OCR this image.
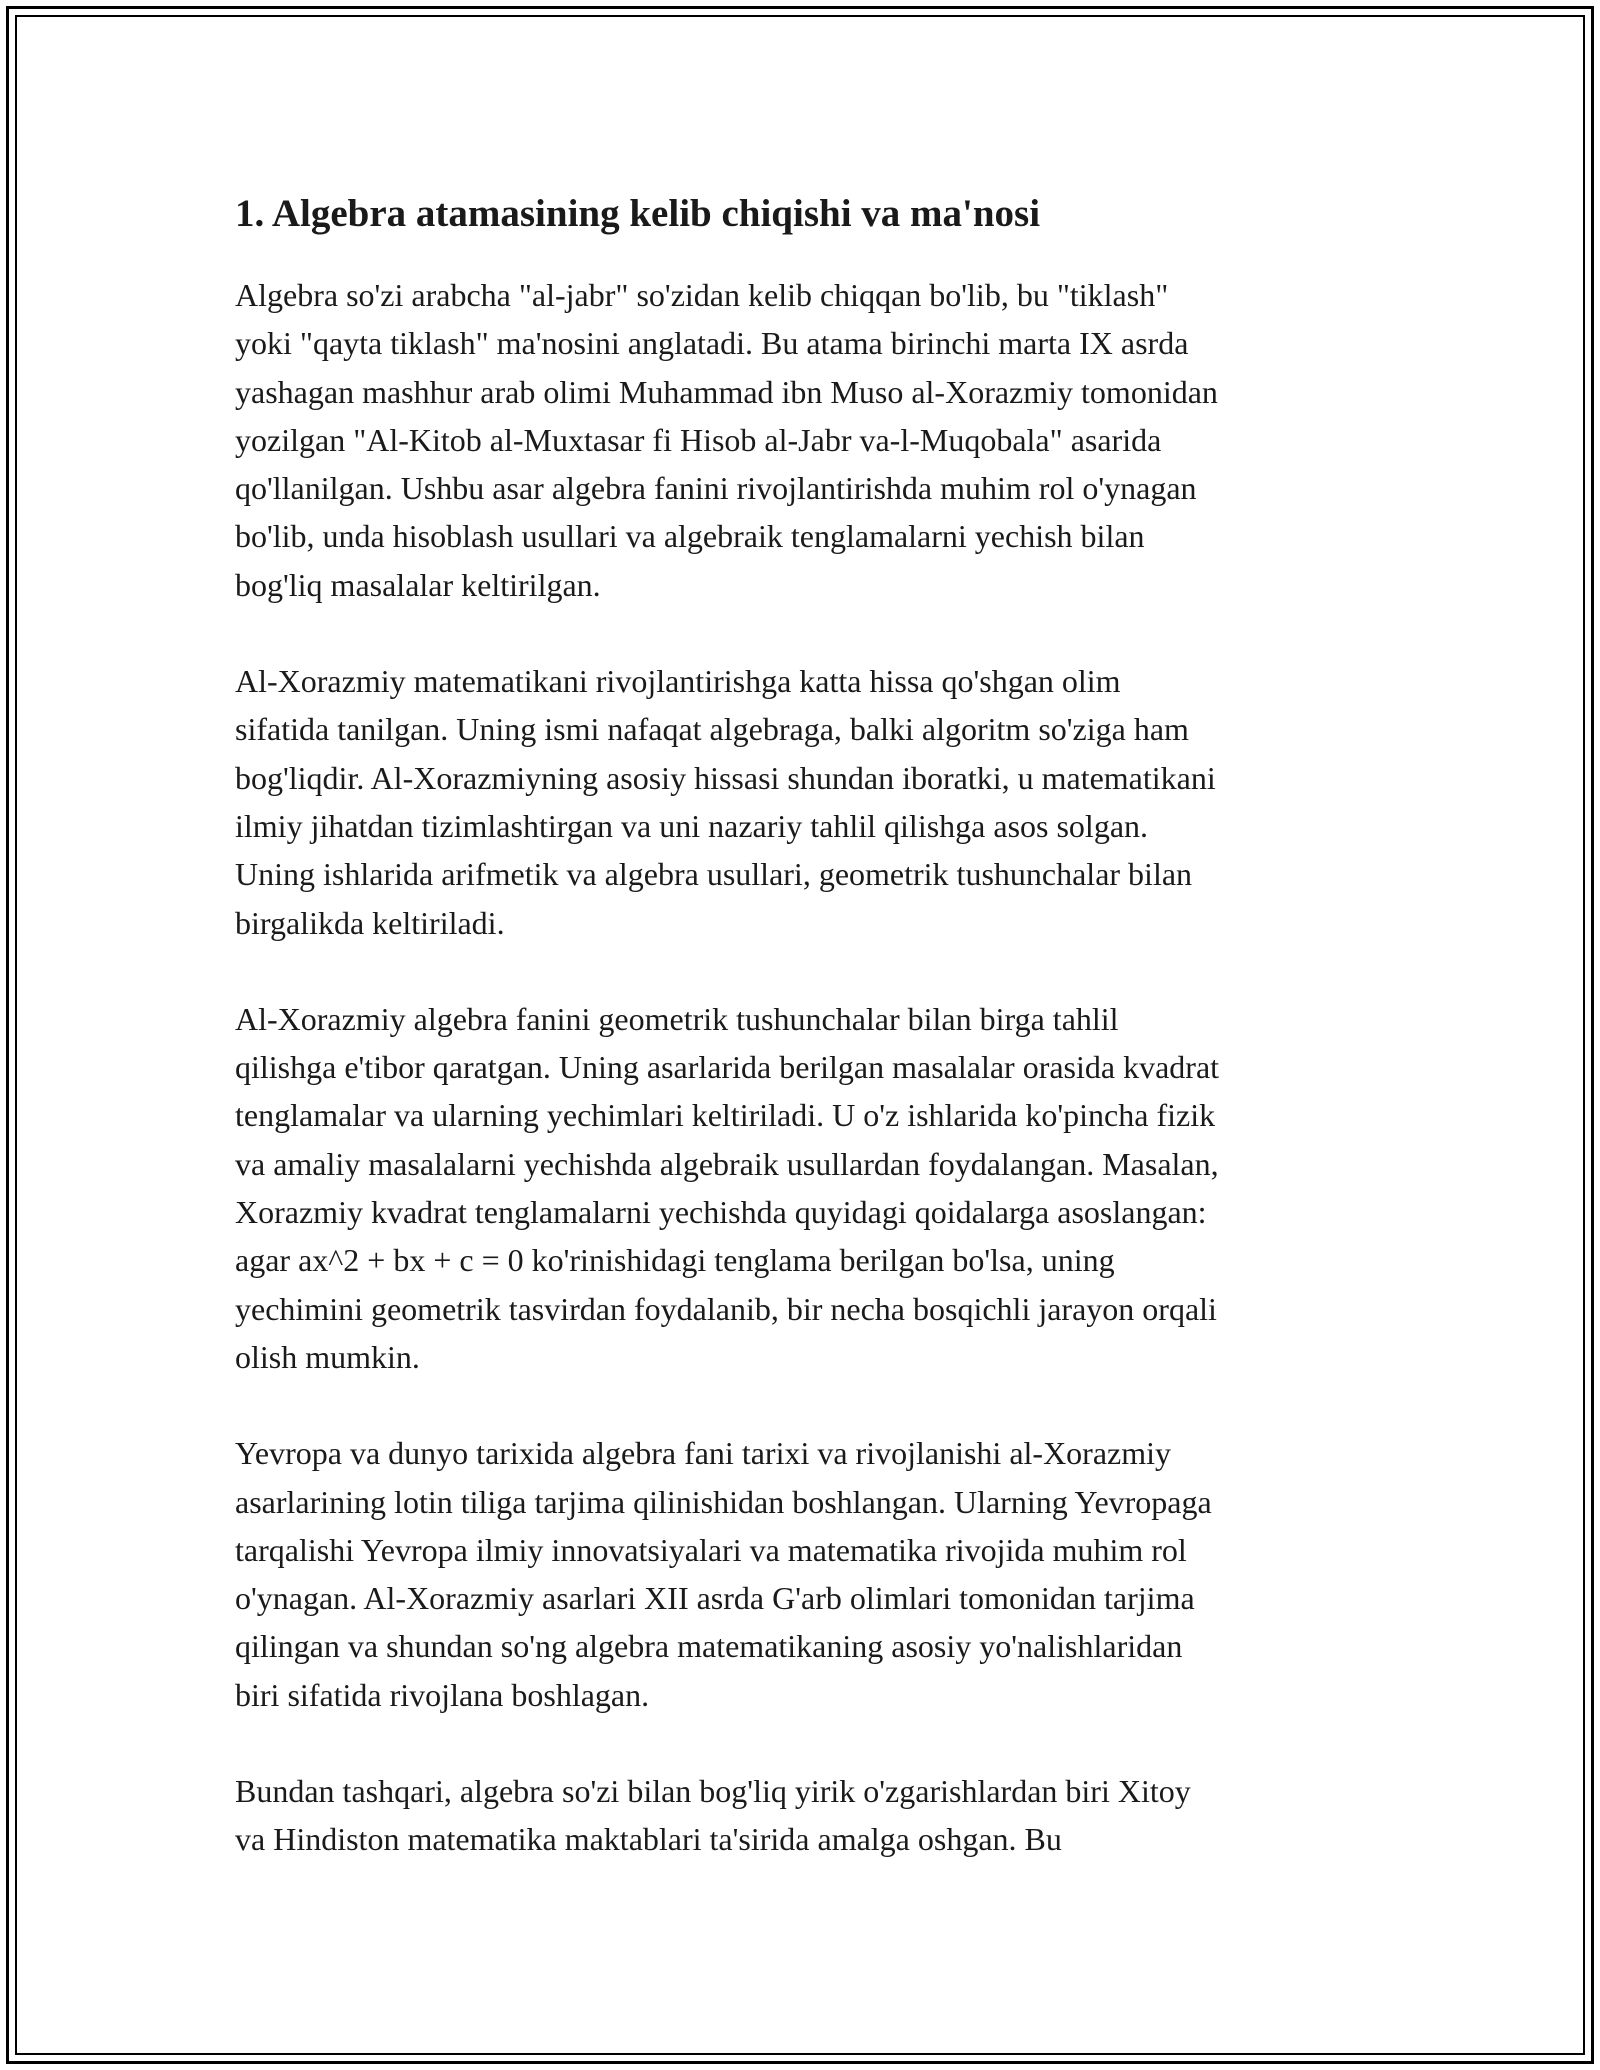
1. Algebra atamasining kelib chiqishi va ma'nosi

Algebra so'zi arabcha "al-jabr" so'zidan kelib chiqqan bo'lib, bu "tiklash"
yoki "qayta tiklash" ma'nosini anglatadi. Bu atama birinchi marta IX asrda
yashagan mashhur arab olimi Muhammad ibn Muso al-Xorazmiy tomonidan
yozilgan "Al-Kitob al-Muxtasar fi Hisob al-Jabr va-l-Muqobala" asarida
qo'llanilgan. Ushbu asar algebra fanini rivojlantirishda muhim rol o'ynagan
bo'lib, unda hisoblash usullari va algebraik tenglamalarni yechish bilan
bog'liq masalalar keltirilgan.

Al-Xorazmiy matematikani rivojlantirishga katta hissa qo'shgan olim
sifatida tanilgan. Uning ismi nafaqat algebraga, balki algoritm so'ziga ham
bog'liqdir. Al-Xorazmiyning asosiy hissasi shundan iboratki, u matematikani
ilmiy jihatdan tizimlashtirgan va uni nazariy tahlil qilishga asos solgan.
Uning ishlarida arifmetik va algebra usullari, geometrik tushunchalar bilan
birgalikda keltiriladi.

Al-Xorazmiy algebra fanini geometrik tushunchalar bilan birga tahlil
qilishga e'tibor qaratgan. Uning asarlarida berilgan masalalar orasida kvadrat
tenglamalar va ularning yechimlari keltiriladi. U o'z ishlarida ko'pincha fizik
va amaliy masalalarni yechishda algebraik usullardan foydalangan. Masalan,
Xorazmiy kvadrat tenglamalarni yechishda quyidagi qoidalarga asoslangan:
agar ax^2 + bx + c = 0 ko'rinishidagi tenglama berilgan bo'lsa, uning
yechimini geometrik tasvirdan foydalanib, bir necha bosqichli jarayon orqali
olish mumkin.

Yevropa va dunyo tarixida algebra fani tarixi va rivojlanishi al-Xorazmiy
asarlarining lotin tiliga tarjima qilinishidan boshlangan. Ularning Yevropaga
tarqalishi Yevropa ilmiy innovatsiyalari va matematika rivojida muhim rol
o'ynagan. Al-Xorazmiy asarlari XII asrda G'arb olimlari tomonidan tarjima
qilingan va shundan so'ng algebra matematikaning asosiy yo'nalishlaridan
biri sifatida rivojlana boshlagan.

Bundan tashqari, algebra so'zi bilan bog'liq yirik o'zgarishlardan biri Xitoy
va Hindiston matematika maktablari ta'sirida amalga oshgan. Bu
